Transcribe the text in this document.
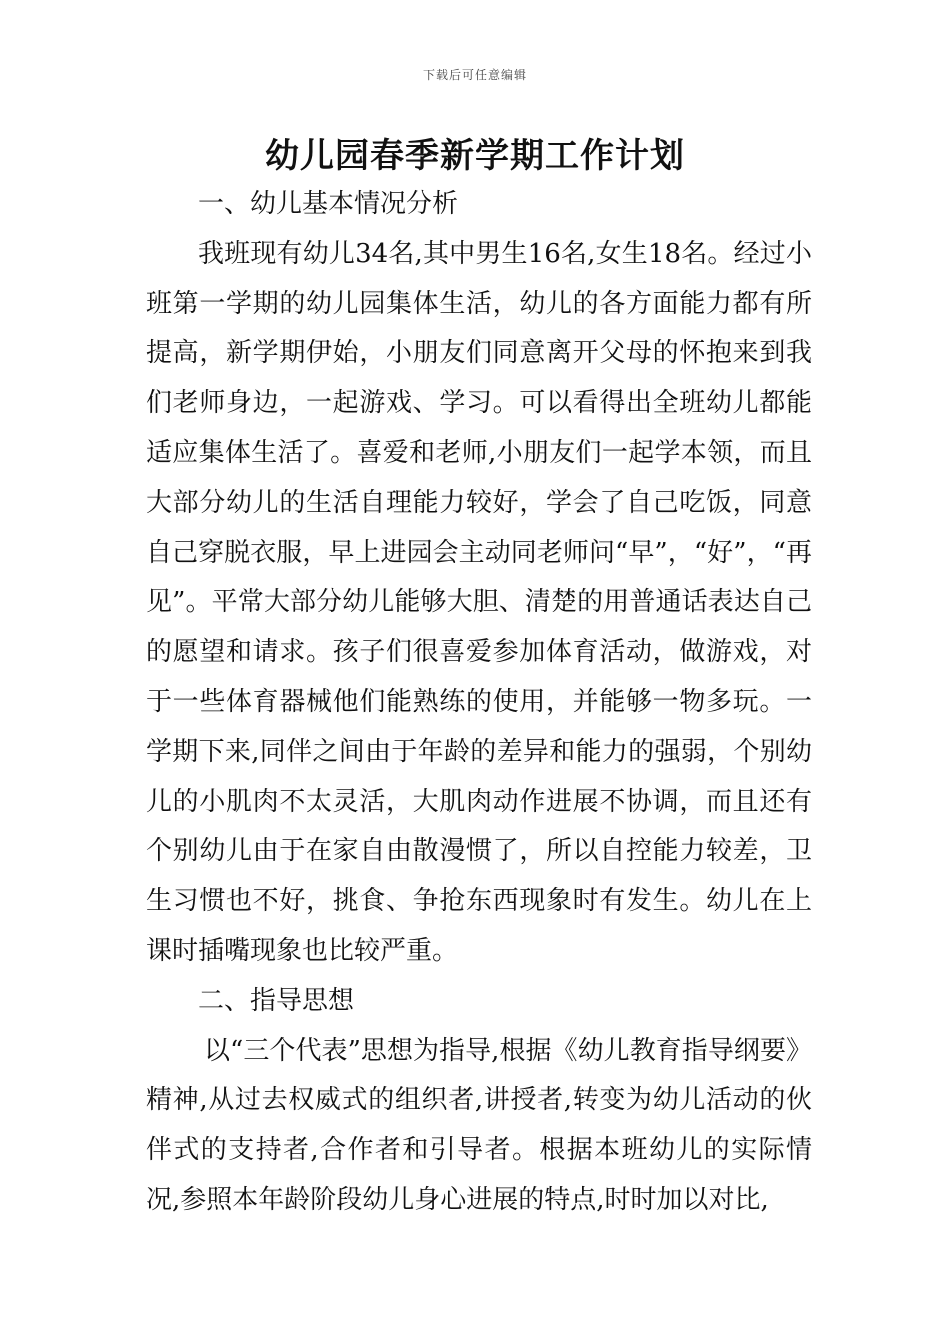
下载后可任意编辑
幼儿园春季新学期工作计划

一、幼儿基本情况分析

我班现有幼儿34名,其中男生16名,女生18名。经过小班第一学期的幼儿园集体生活，幼儿的各方面能力都有所提高，新学期伊始，小朋友们同意离开父母的怀抱来到我们老师身边，一起游戏、学习。可以看得出全班幼儿都能适应集体生活了。喜爱和老师,小朋友们一起学本领，而且大部分幼儿的生活自理能力较好，学会了自己吃饭，同意自己穿脱衣服，早上进园会主动同老师问“早”，“好”，“再见”。平常大部分幼儿能够大胆、清楚的用普通话表达自己的愿望和请求。孩子们很喜爱参加体育活动，做游戏，对于一些体育器械他们能熟练的使用，并能够一物多玩。一学期下来,同伴之间由于年龄的差异和能力的强弱，个别幼儿的小肌肉不太灵活，大肌肉动作进展不协调，而且还有个别幼儿由于在家自由散漫惯了，所以自控能力较差，卫生习惯也不好，挑食、争抢东西现象时有发生。幼儿在上课时插嘴现象也比较严重。

二、指导思想

以“三个代表”思想为指导,根据《幼儿教育指导纲要》精神,从过去权威式的组织者,讲授者,转变为幼儿活动的伙伴式的支持者,合作者和引导者。根据本班幼儿的实际情况,参照本年龄阶段幼儿身心进展的特点,时时加以对比,
